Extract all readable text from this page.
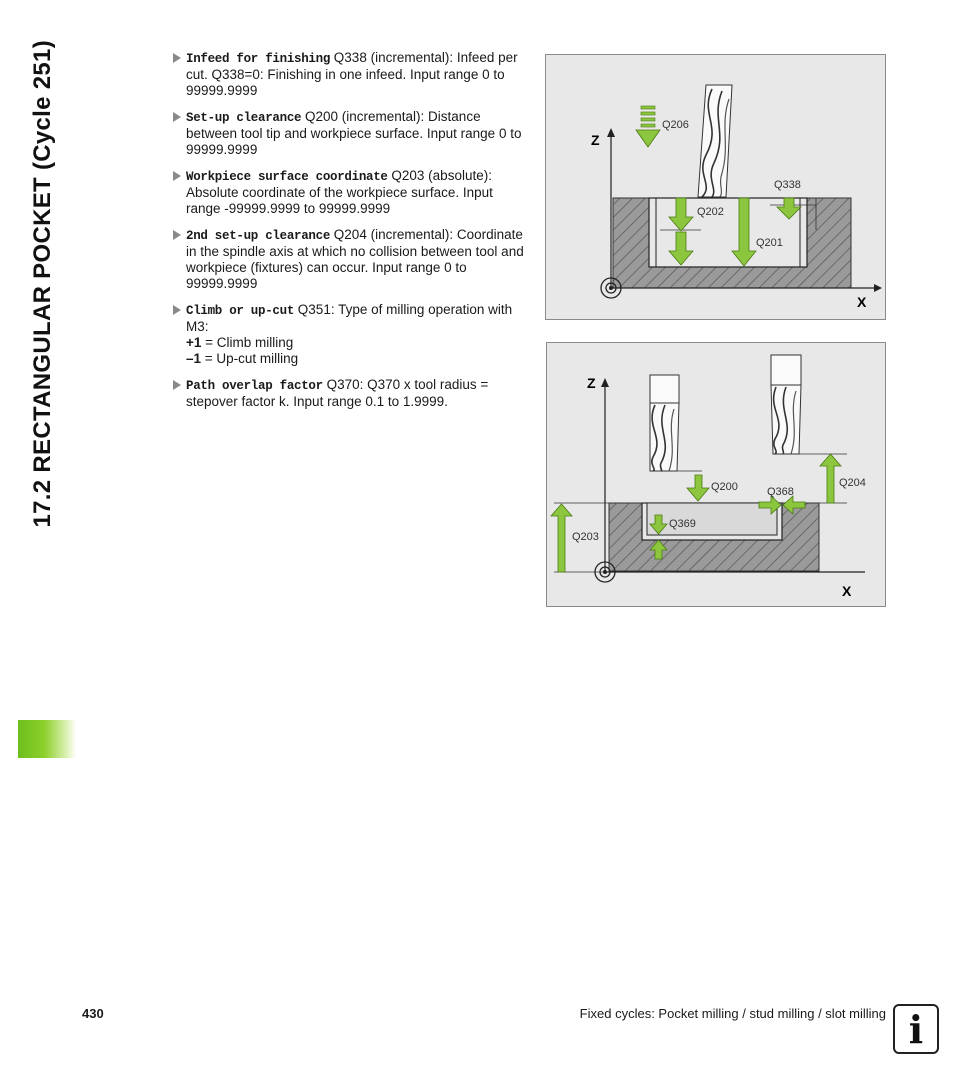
17.2 RECTANGULAR POCKET (Cycle 251)	Infeed for finishing Q338 (incremental): Infeed per cut. Q338=0: Finishing in one infeed. Input range 0 to 99999.9999
Set-up clearance Q200 (incremental): Distance between tool tip and workpiece surface. Input range 0 to 99999.9999
Workpiece surface coordinate Q203 (absolute): Absolute coordinate of the workpiece surface. Input range -99999.9999 to 99999.9999
2nd set-up clearance Q204 (incremental): Coordinate in the spindle axis at which no collision between tool and workpiece (fixtures) can occur. Input range 0 to 99999.9999
Climb or up-cut Q351: Type of milling operation with M3:
+1 = Climb milling
–1 = Up-cut milling
Path overlap factor Q370: Q370 x tool radius = stepover factor k. Input range 0.1 to 1.9999.
Z
X
Q206
Q338
Q202
Q201
Z
X
Q200	Q368
Q204
Q203
Q369
430	Fixed cycles: Pocket milling / stud milling / slot milling i
